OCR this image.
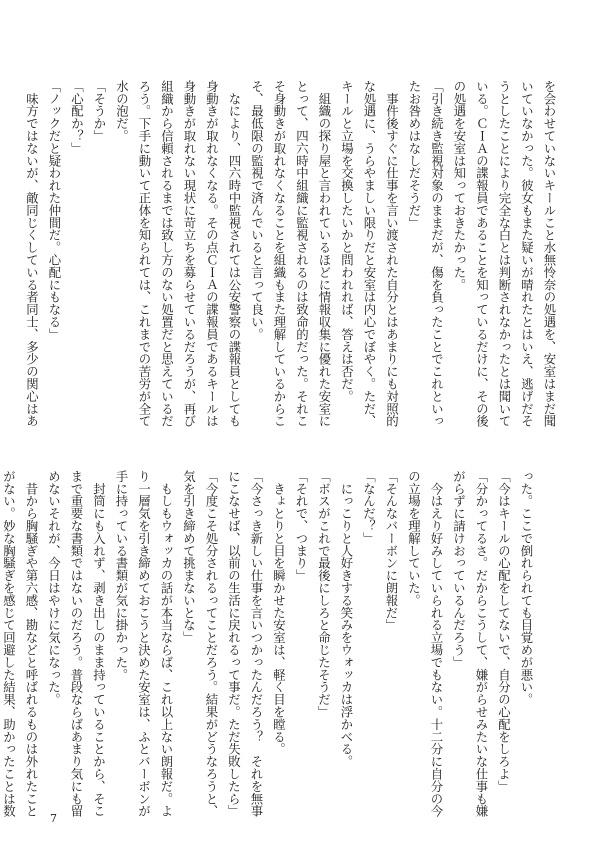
を会わせていないキールこと水無怜奈の処遇を、安室はまだ聞
いていなかった。彼女もまた疑いが晴れたとはいえ、逃げだそ
うとしたことにより完全な白とは判断されなかったとは聞いて
いる。ＣＩＡの諜報員であることを知っているだけに、その後
の処遇を安室は知っておきたかった。
「引き続き監視対象のままだが、傷を負ったことでこれといっ
たお咎めはなしだそうだ」
　事件後すぐに仕事を言い渡された自分とはあまりにも対照的
な処遇に、うらやましい限りだと安室は内心でぼやく。ただ、
キールと立場を交換したいかと問われれば、答えは否だ。
　組織の探り屋と言われているほどに情報収集に優れた安室に
とって、四六時中組織に監視されるのは致命的だった。それこ
そ身動きが取れなくなることを組織もまた理解しているからこ
そ、最低限の監視で済んでいると言って良い。
　なにより、四六時中監視されては公安警察の諜報員としても
身動きが取れなくなる。その点ＣＩＡの諜報員であるキールは
身動きが取れない現状に苛立ちを募らせているだろうが、再び
組織から信頼されるまでは致し方のない処置だと思えているだ
ろう。下手に動いて正体を知られては、これまでの苦労が全て
水の泡だ。
「そうか」
「心配か？」
「ノックだと疑われた仲間だ。心配にもなる」
　味方ではないが、敵同じくしている者同士、多少の関心はあ
った。ここで倒れられても目覚めが悪い。
「今はキールの心配をしてないで、自分の心配をしろよ」
「分かってるさ。だからこうして、嫌がらせみたいな仕事も嫌
がらずに請けおっているんだろう」
　今はえり好みしていられる立場でもない。十二分に自分の今
の立場を理解していた。
「そんなバーボンに朗報だ」
「なんだ？」
　にっこりと人好きする笑みをウォッカは浮かべる。
「ボスがこれで最後にしろと命じたそうだ」
「それで、つまり」
　きょとりと目を瞬かせた安室は、軽く目を瞠る。
「今さっき新しい仕事を言いつかったんだろう？　それを無事
にこなせば、以前の生活に戻れるって事だ。ただ失敗したら」
「今度こそ処分されるってことだろう。結果がどうなろうと、
気を引き締めて挑まないとな」
　もしもウォッカの話が本当ならば、これ以上ない朗報だ。よ
り一層気を引き締めておこうと決めた安室は、ふとバーボンが
手に持っている書類が気に掛かった。
　封筒にも入れず、剥き出しのまま持っていることから、そこ
まで重要な書類ではないのだろう。普段ならばあまり気にも留
めないそれが、今日はやけに気になった。
　昔から胸騒ぎや第六感、勘などと呼ばれるものは外れたこと
がない。妙な胸騒ぎを感じて回避した結果、助かったことは数
7
